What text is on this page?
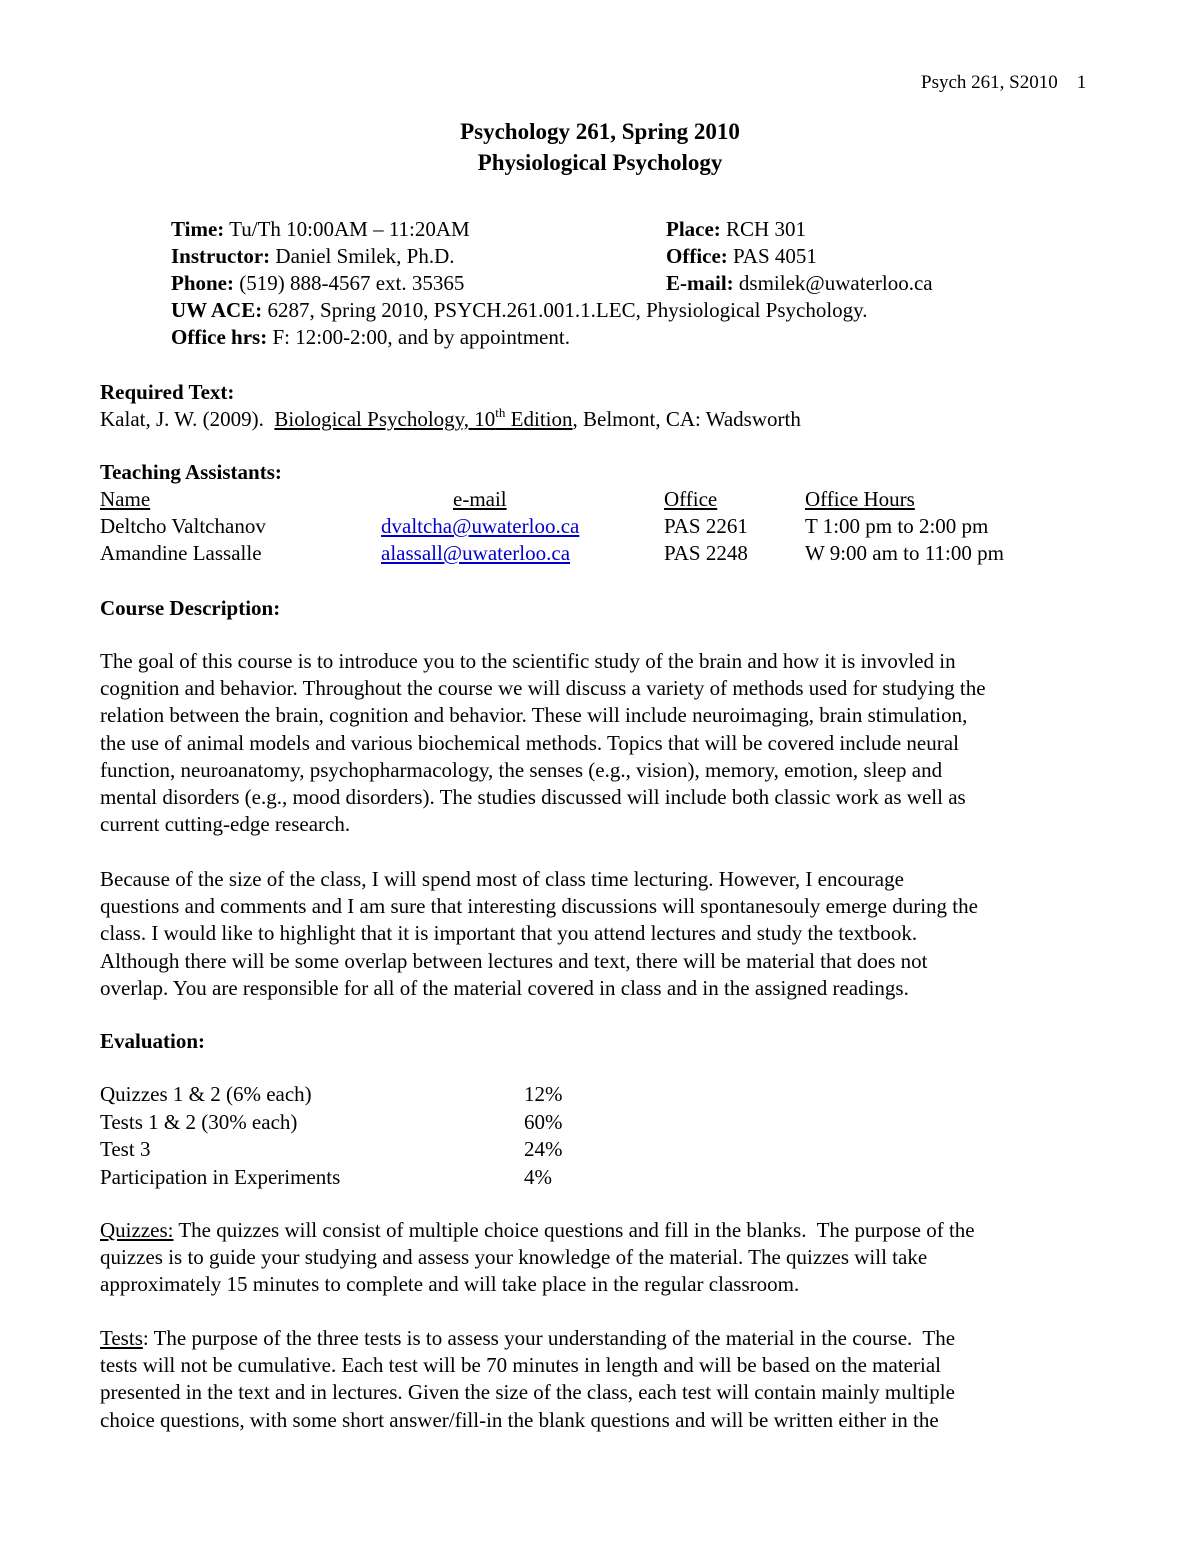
Psych 261, S2010    1
Psychology 261, Spring 2010
Physiological Psychology
Time: Tu/Th 10:00AM – 11:20AM	Place: RCH 301
Instructor: Daniel Smilek, Ph.D.	Office: PAS 4051
Phone: (519) 888-4567 ext. 35365	E-mail: dsmilek@uwaterloo.ca
UW ACE: 6287, Spring 2010, PSYCH.261.001.1.LEC, Physiological Psychology.
Office hrs: F: 12:00-2:00, and by appointment.
Required Text:
Kalat, J. W. (2009).  Biological Psychology, 10th Edition, Belmont, CA: Wadsworth
Teaching Assistants:
Name	e-mail	Office	Office Hours
Deltcho Valtchanov	dvaltcha@uwaterloo.ca	PAS 2261	T 1:00 pm to 2:00 pm
Amandine Lassalle	alassall@uwaterloo.ca	PAS 2248	W 9:00 am to 11:00 pm
Course Description:
The goal of this course is to introduce you to the scientific study of the brain and how it is invovled in
cognition and behavior. Throughout the course we will discuss a variety of methods used for studying the
relation between the brain, cognition and behavior. These will include neuroimaging, brain stimulation,
the use of animal models and various biochemical methods. Topics that will be covered include neural
function, neuroanatomy, psychopharmacology, the senses (e.g., vision), memory, emotion, sleep and
mental disorders (e.g., mood disorders). The studies discussed will include both classic work as well as
current cutting-edge research.
Because of the size of the class, I will spend most of class time lecturing. However, I encourage
questions and comments and I am sure that interesting discussions will spontanesouly emerge during the
class. I would like to highlight that it is important that you attend lectures and study the textbook.
Although there will be some overlap between lectures and text, there will be material that does not
overlap. You are responsible for all of the material covered in class and in the assigned readings.
Evaluation:
Quizzes 1 & 2 (6% each)	12%
Tests 1 & 2 (30% each)	60%
Test 3	24%
Participation in Experiments	4%
Quizzes: The quizzes will consist of multiple choice questions and fill in the blanks.  The purpose of the
quizzes is to guide your studying and assess your knowledge of the material. The quizzes will take
approximately 15 minutes to complete and will take place in the regular classroom.
Tests: The purpose of the three tests is to assess your understanding of the material in the course.  The
tests will not be cumulative. Each test will be 70 minutes in length and will be based on the material
presented in the text and in lectures. Given the size of the class, each test will contain mainly multiple
choice questions, with some short answer/fill-in the blank questions and will be written either in the
